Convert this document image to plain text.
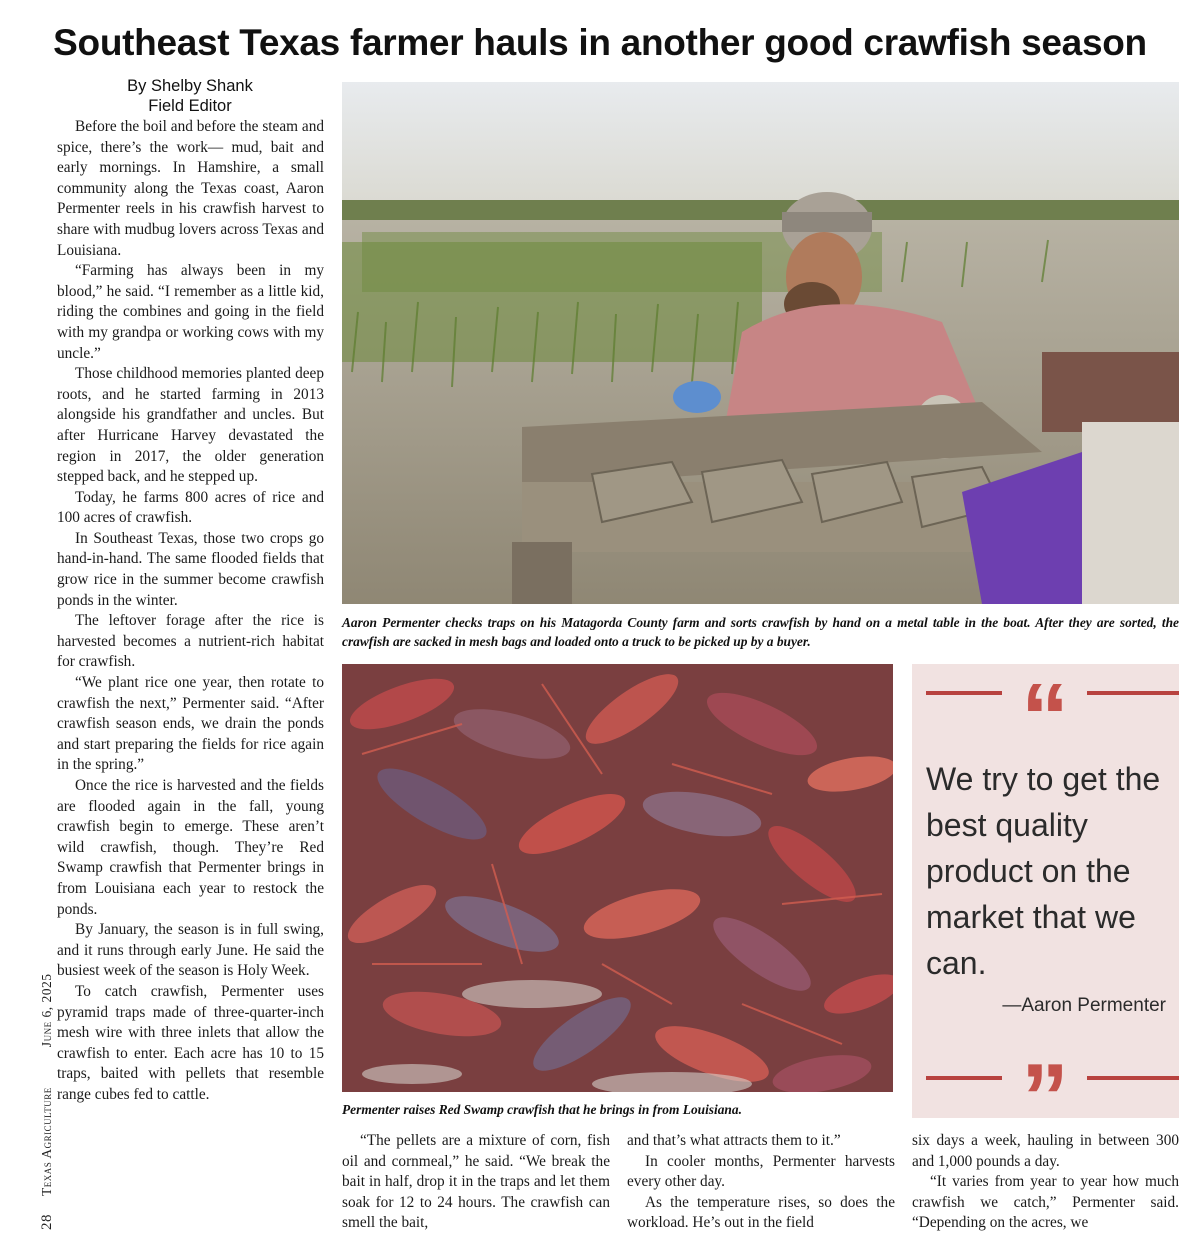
Southeast Texas farmer hauls in another good crawfish season
By Shelby Shank
Field Editor

Before the boil and before the steam and spice, there’s the work— mud, bait and early mornings. In Hamshire, a small community along the Texas coast, Aaron Permenter reels in his crawfish harvest to share with mudbug lovers across Texas and Louisiana.

“Farming has always been in my blood,” he said. “I remember as a little kid, riding the combines and going in the field with my grandpa or working cows with my uncle.”

Those childhood memories planted deep roots, and he started farming in 2013 alongside his grandfather and uncles. But after Hurricane Harvey devastated the region in 2017, the older generation stepped back, and he stepped up.

Today, he farms 800 acres of rice and 100 acres of crawfish.

In Southeast Texas, those two crops go hand-in-hand. The same flooded fields that grow rice in the summer become crawfish ponds in the winter.

The leftover forage after the rice is harvested becomes a nutrient-rich habitat for crawfish.

“We plant rice one year, then rotate to crawfish the next,” Permenter said. “After crawfish season ends, we drain the ponds and start preparing the fields for rice again in the spring.”

Once the rice is harvested and the fields are flooded again in the fall, young crawfish begin to emerge. These aren’t wild crawfish, though. They’re Red Swamp crawfish that Permenter brings in from Louisiana each year to restock the ponds.

By January, the season is in full swing, and it runs through early June. He said the busiest week of the season is Holy Week.

To catch crawfish, Permenter uses pyramid traps made of three-quarter-inch mesh wire with three inlets that allow the crawfish to enter. Each acre has 10 to 15 traps, baited with pellets that resemble range cubes fed to cattle.

28Texas AgricultureJune 6, 2025
Aaron Permenter checks traps on his Matagorda County farm and sorts crawfish by hand on a metal table in the boat. After they are sorted, the crawfish are sacked in mesh bags and loaded onto a truck to be picked up by a buyer.
Permenter raises Red Swamp crawfish that he brings in from Louisiana.
“
We try to get the best quality product on the market that we can.
—Aaron Permenter
”

“The pellets are a mixture of corn, fish oil and cornmeal,” he said. “We break the bait in half, drop it in the traps and let them soak for 12 to 24 hours. The crawfish can smell the bait,

and that’s what attracts them to it.”

In cooler months, Permenter harvests every other day.

As the temperature rises, so does the workload. He’s out in the field

six days a week, hauling in between 300 and 1,000 pounds a day.

“It varies from year to year how much crawfish we catch,” Permenter said. “Depending on the acres, we
